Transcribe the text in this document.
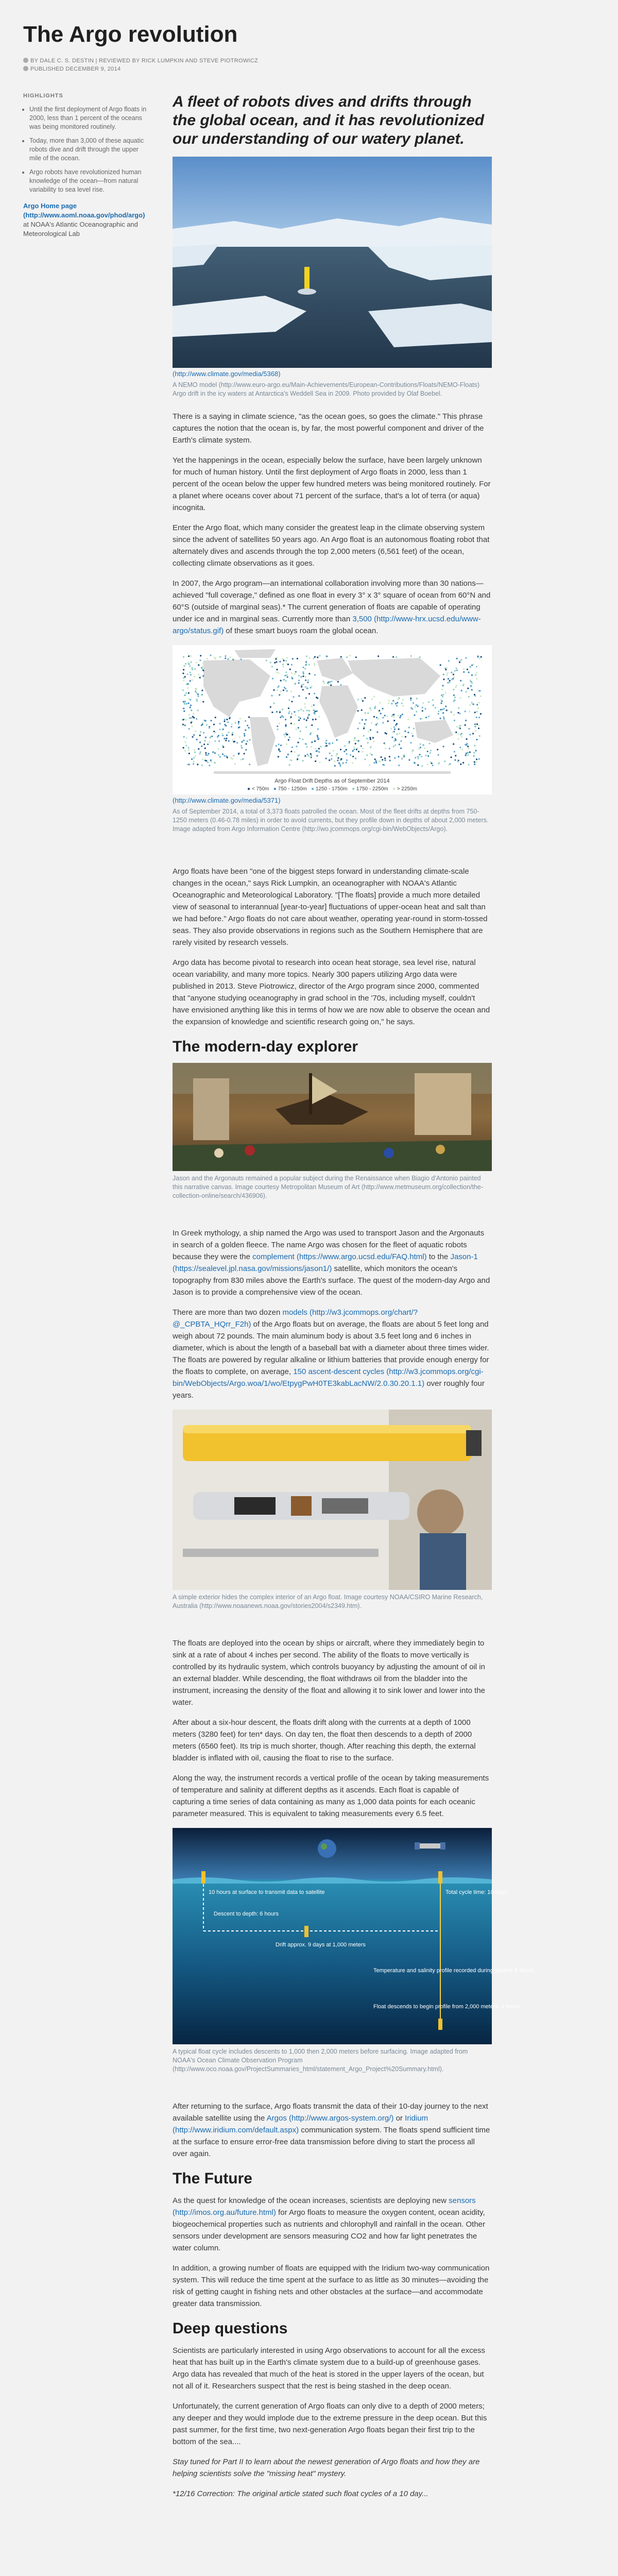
The Argo revolution
BY DALE C. S. DESTIN | REVIEWED BY RICK LUMPKIN AND STEVE PIOTROWICZ
PUBLISHED DECEMBER 9, 2014
HIGHLIGHTS
• Until the first deployment of Argo floats in 2000, less than 1 percent of the oceans was being monitored routinely.
• Today, more than 3,000 of these aquatic robots dive and drift through the upper mile of the ocean.
• Argo robots have revolutionized human knowledge of the ocean—from natural variability to sea level rise.
Argo Home page
(http://www.aoml.noaa.gov/phod/argo)
at NOAA's Atlantic Oceanographic and Meteorological Lab

A fleet of robots dives and drifts through the global ocean, and it has revolutionized our understanding of our watery planet.

(http://www.climate.gov/media/5368)
A NEMO model (http://www.euro-argo.eu/Main-Achievements/European-Contributions/Floats/NEMO-Floats) Argo drift in the icy waters at Antarctica's Weddell Sea in 2009. Photo provided by Olaf Boebel.

There is a saying in climate science, "as the ocean goes, so goes the climate." This phrase captures the notion that the ocean is, by far, the most powerful component and driver of the Earth's climate system.

Yet the happenings in the ocean, especially below the surface, have been largely unknown for much of human history. Until the first deployment of Argo floats in 2000, less than 1 percent of the ocean below the upper few hundred meters was being monitored routinely. For a planet where oceans cover about 71 percent of the surface, that's a lot of terra (or aqua) incognita.

Enter the Argo float, which many consider the greatest leap in the climate observing system since the advent of satellites 50 years ago. An Argo float is an autonomous floating robot that alternately dives and ascends through the top 2,000 meters (6,561 feet) of the ocean, collecting climate observations as it goes.

In 2007, the Argo program—an international collaboration involving more than 30 nations—achieved "full coverage," defined as one float in every 3° x 3° square of ocean from 60°N and 60°S (outside of marginal seas).* The current generation of floats are capable of operating under ice and in marginal seas. Currently more than 3,500 (http://www-hrx.ucsd.edu/www-argo/status.gif) of these smart buoys roam the global ocean.

Argo Float Drift Depths as of September 2014
● < 750m ● 750 - 1250m ● 1250 - 1750m ● 1750 - 2250m ● > 2250m
(http://www.climate.gov/media/5371)
As of September 2014, a total of 3,373 floats patrolled the ocean. Most of the fleet drifts at depths from 750-1250 meters (0.46-0.78 miles) in order to avoid currents, but they profile down in depths of about 2,000 meters. Image adapted from Argo Information Centre (http://wo.jcommops.org/cgi-bin/WebObjects/Argo).

Argo floats have been "one of the biggest steps forward in understanding climate-scale changes in the ocean," says Rick Lumpkin, an oceanographer with NOAA's Atlantic Oceanographic and Meteorological Laboratory. "[The floats] provide a much more detailed view of seasonal to interannual [year-to-year] fluctuations of upper-ocean heat and salt than we had before." Argo floats do not care about weather, operating year-round in storm-tossed seas. They also provide observations in regions such as the Southern Hemisphere that are rarely visited by research vessels.

Argo data has become pivotal to research into ocean heat storage, sea level rise, natural ocean variability, and many more topics. Nearly 300 papers utilizing Argo data were published in 2013. Steve Piotrowicz, director of the Argo program since 2000, commented that "anyone studying oceanography in grad school in the '70s, including myself, couldn't have envisioned anything like this in terms of how we are now able to observe the ocean and the expansion of knowledge and scientific research going on," he says.

The modern-day explorer
Jason and the Argonauts remained a popular subject during the Renaissance when Biagio d'Antonio painted this narrative canvas. Image courtesy Metropolitan Museum of Art (http://www.metmuseum.org/collection/the-collection-online/search/436906).

In Greek mythology, a ship named the Argo was used to transport Jason and the Argonauts in search of a golden fleece. The name Argo was chosen for the fleet of aquatic robots because they were the complement (https://www.argo.ucsd.edu/FAQ.html) to the Jason-1 (https://sealevel.jpl.nasa.gov/missions/jason1/) satellite, which monitors the ocean's topography from 830 miles above the Earth's surface. The quest of the modern-day Argo and Jason is to provide a comprehensive view of the ocean.

There are more than two dozen models (http://w3.jcommops.org/chart/?@_CPBTA_HQrr_F2h) of the Argo floats but on average, the floats are about 5 feet long and weigh about 72 pounds. The main aluminum body is about 3.5 feet long and 6 inches in diameter, which is about the length of a baseball bat with a diameter about three times wider. The floats are powered by regular alkaline or lithium batteries that provide enough energy for the floats to complete, on average, 150 ascent-descent cycles (http://w3.jcommops.org/cgi-bin/WebObjects/Argo.woa/1/wo/EtpygPwH0TE3kabLacNW/2.0.30.20.1.1) over roughly four years.

A simple exterior hides the complex interior of an Argo float. Image courtesy NOAA/CSIRO Marine Research, Australia (http://www.noaanews.noaa.gov/stories2004/s2349.htm).

The floats are deployed into the ocean by ships or aircraft, where they immediately begin to sink at a rate of about 4 inches per second. The ability of the floats to move vertically is controlled by its hydraulic system, which controls buoyancy by adjusting the amount of oil in an external bladder. While descending, the float withdraws oil from the bladder into the instrument, increasing the density of the float and allowing it to sink lower and lower into the water.

After about a six-hour descent, the floats drift along with the currents at a depth of 1000 meters (3280 feet) for ten* days. On day ten, the float then descends to a depth of 2000 meters (6560 feet). Its trip is much shorter, though. After reaching this depth, the external bladder is inflated with oil, causing the float to rise to the surface.

Along the way, the instrument records a vertical profile of the ocean by taking measurements of temperature and salinity at different depths as it ascends. Each float is capable of capturing a time series of data containing as many as 1,000 data points for each oceanic parameter measured. This is equivalent to taking measurements every 6.5 feet.

10 hours at surface to transmit data to satellite
Descent to depth: 6 hours
Drift approx. 9 days at 1,000 meters
Total cycle time: 10 days
Temperature and salinity profile recorded during ascent: 6 hours
Float descends to begin profile from 2,000 meters: 6 hours
A typical float cycle includes descents to 1,000 then 2,000 meters before surfacing. Image adapted from NOAA's Ocean Climate Observation Program (http://www.oco.noaa.gov/ProjectSummaries_html/statement_Argo_Project%20Summary.html).

After returning to the surface, Argo floats transmit the data of their 10-day journey to the next available satellite using the Argos (http://www.argos-system.org/) or Iridium (http://www.iridium.com/default.aspx) communication system. The floats spend sufficient time at the surface to ensure error-free data transmission before diving to start the process all over again.

The Future

As the quest for knowledge of the ocean increases, scientists are deploying new sensors (http://imos.org.au/future.html) for Argo floats to measure the oxygen content, ocean acidity, biogeochemical properties such as nutrients and chlorophyll and rainfall in the ocean. Other sensors under development are sensors measuring CO2 and how far light penetrates the water column.

In addition, a growing number of floats are equipped with the Iridium two-way communication system. This will reduce the time spent at the surface to as little as 30 minutes—avoiding the risk of getting caught in fishing nets and other obstacles at the surface—and accommodate greater data transmission.

Deep questions

Scientists are particularly interested in using Argo observations to account for all the excess heat that has built up in the Earth's climate system due to a build-up of greenhouse gases. Argo data has revealed that much of the heat is stored in the upper layers of the ocean, but not all of it. Researchers suspect that the rest is being stashed in the deep ocean.

Unfortunately, the current generation of Argo floats can only dive to a depth of 2000 meters; any deeper and they would implode due to the extreme pressure in the deep ocean. But this past summer, for the first time, two next-generation Argo floats began their first trip to the bottom of the sea....

Stay tuned for Part II to learn about the newest generation of Argo floats and how they are helping scientists solve the "missing heat" mystery.

*12/16 Correction: The original article stated such float cycles of a 10 day...
